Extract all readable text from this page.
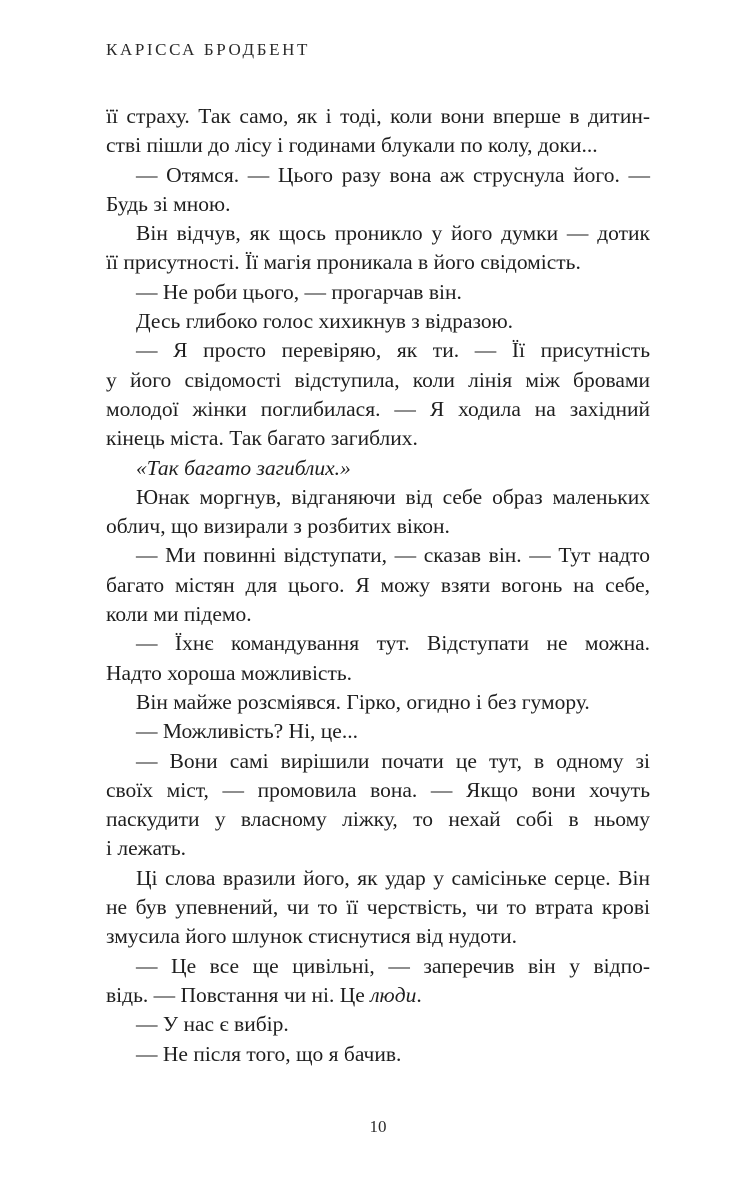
КАРІССА БРОДБЕНТ
її страху. Так само, як і тоді, коли вони вперше в дитин-
стві пішли до лісу і годинами блукали по колу, доки...
— Отямся. — Цього разу вона аж струснула його. —
Будь зі мною.
Він відчув, як щось проникло у його думки — дотик
її присутності. Її магія проникала в його свідомість.
— Не роби цього, — прогарчав він.
Десь глибоко голос хихикнув з відразою.
— Я просто перевіряю, як ти. — Її присутність
у його свідомості відступила, коли лінія між бровами
молодої жінки поглибилася. — Я ходила на західний
кінець міста. Так багато загиблих.
«Так багато загиблих.»
Юнак моргнув, відганяючи від себе образ маленьких
облич, що визирали з розбитих вікон.
— Ми повинні відступати, — сказав він. — Тут надто
багато містян для цього. Я можу взяти вогонь на себе,
коли ми підемо.
— Їхнє командування тут. Відступати не можна.
Надто хороша можливість.
Він майже розсміявся. Гірко, огидно і без гумору.
— Можливість? Ні, це...
— Вони самі вирішили почати це тут, в одному зі
своїх міст, — промовила вона. — Якщо вони хочуть
паскудити у власному ліжку, то нехай собі в ньому
і лежать.
Ці слова вразили його, як удар у самісіньке серце. Він
не був упевнений, чи то її черствість, чи то втрата крові
змусила його шлунок стиснутися від нудоти.
— Це все ще цивільні, — заперечив він у відпо-
відь. — Повстання чи ні. Це люди.
— У нас є вибір.
— Не після того, що я бачив.
10
